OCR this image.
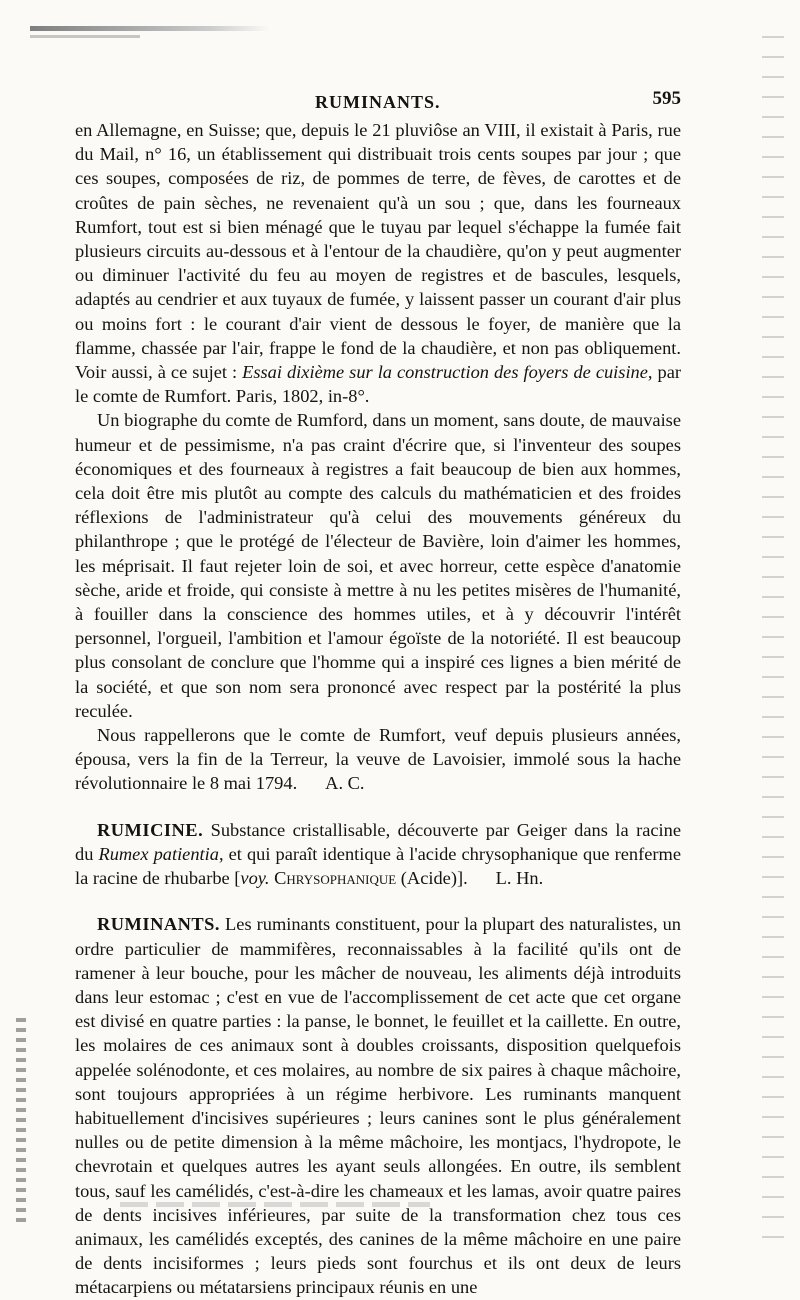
RUMINANTS.	595

en Allemagne, en Suisse; que, depuis le 21 pluviôse an VIII, il existait à Paris, rue du Mail, n° 16, un établissement qui distribuait trois cents soupes par jour ; que ces soupes, composées de riz, de pommes de terre, de fèves, de carottes et de croûtes de pain sèches, ne revenaient qu'à un sou ; que, dans les fourneaux Rumfort, tout est si bien ménagé que le tuyau par lequel s'échappe la fumée fait plusieurs circuits au-dessous et à l'entour de la chaudière, qu'on y peut augmenter ou diminuer l'activité du feu au moyen de registres et de bascules, lesquels, adaptés au cendrier et aux tuyaux de fumée, y laissent passer un courant d'air plus ou moins fort : le courant d'air vient de dessous le foyer, de manière que la flamme, chassée par l'air, frappe le fond de la chaudière, et non pas obliquement. Voir aussi, à ce sujet : Essai dixième sur la construction des foyers de cuisine, par le comte de Rumfort. Paris, 1802, in-8°.

Un biographe du comte de Rumford, dans un moment, sans doute, de mauvaise humeur et de pessimisme, n'a pas craint d'écrire que, si l'inventeur des soupes économiques et des fourneaux à registres a fait beaucoup de bien aux hommes, cela doit être mis plutôt au compte des calculs du mathématicien et des froides réflexions de l'administrateur qu'à celui des mouvements généreux du philanthrope ; que le protégé de l'électeur de Bavière, loin d'aimer les hommes, les méprisait. Il faut rejeter loin de soi, et avec horreur, cette espèce d'anatomie sèche, aride et froide, qui consiste à mettre à nu les petites misères de l'humanité, à fouiller dans la conscience des hommes utiles, et à y découvrir l'intérêt personnel, l'orgueil, l'ambition et l'amour égoïste de la notoriété. Il est beaucoup plus consolant de conclure que l'homme qui a inspiré ces lignes a bien mérité de la société, et que son nom sera prononcé avec respect par la postérité la plus reculée.

Nous rappellerons que le comte de Rumfort, veuf depuis plusieurs années, épousa, vers la fin de la Terreur, la veuve de Lavoisier, immolé sous la hache révolutionnaire le 8 mai 1794. A. C.

RUMICINE. Substance cristallisable, découverte par Geiger dans la racine du Rumex patientia, et qui paraît identique à l'acide chrysophanique que renferme la racine de rhubarbe [voy. Chrysophanique (Acide)]. L. Hn.

RUMINANTS. Les ruminants constituent, pour la plupart des naturalistes, un ordre particulier de mammifères, reconnaissables à la facilité qu'ils ont de ramener à leur bouche, pour les mâcher de nouveau, les aliments déjà introduits dans leur estomac ; c'est en vue de l'accomplissement de cet acte que cet organe est divisé en quatre parties : la panse, le bonnet, le feuillet et la caillette. En outre, les molaires de ces animaux sont à doubles croissants, disposition quelquefois appelée solénodonte, et ces molaires, au nombre de six paires à chaque mâchoire, sont toujours appropriées à un régime herbivore. Les ruminants manquent habituellement d'incisives supérieures ; leurs canines sont le plus généralement nulles ou de petite dimension à la même mâchoire, les montjacs, l'hydropote, le chevrotain et quelques autres les ayant seuls allongées. En outre, ils semblent tous, sauf les camélidés, c'est-à-dire les chameaux et les lamas, avoir quatre paires de dents incisives inférieures, par suite de la transformation chez tous ces animaux, les camélidés exceptés, des canines de la même mâchoire en une paire de dents incisiformes ; leurs pieds sont fourchus et ils ont deux de leurs métacarpiens ou métatarsiens principaux réunis en une
